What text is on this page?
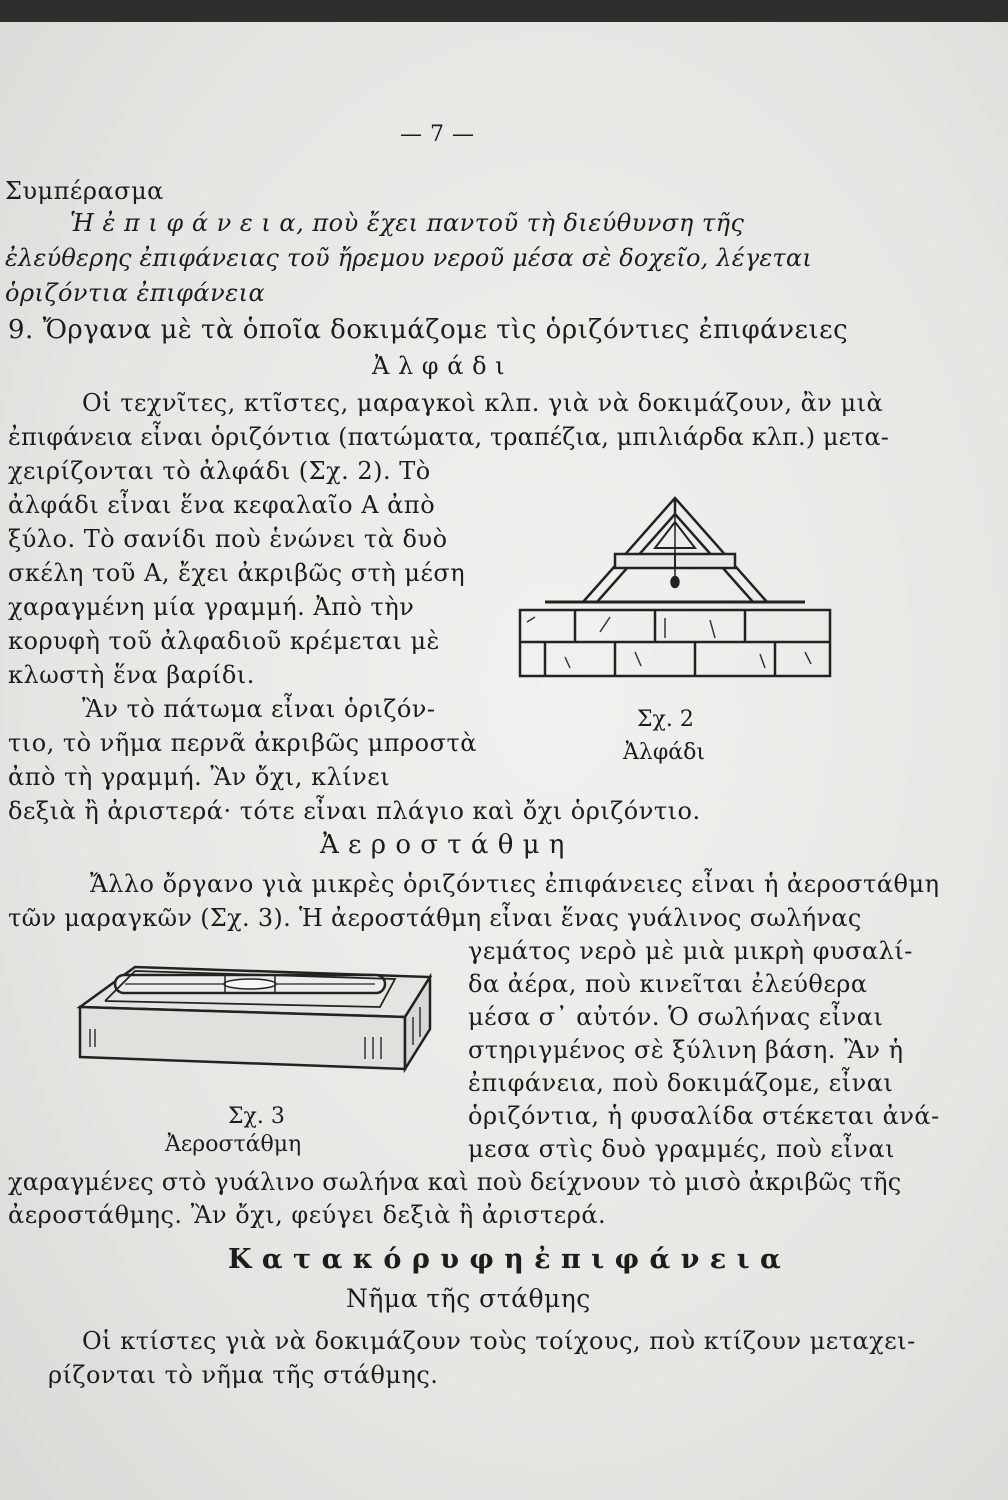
— 7 —
Συμπέρασμα
Ἡ ἐ π ι φ ά ν ε ι α, ποὺ ἔχει παντοῦ τὴ διεύθυνση τῆς
ἐλεύθερης ἐπιφάνειας τοῦ ἤρεμου νεροῦ μέσα σὲ δοχεῖο, λέγεται
ὁριζόντια ἐπιφάνεια
9. Ὄργανα μὲ τὰ ὁποῖα δοκιμάζομε τὶς ὁριζόντιες ἐπιφάνειες
Ἀ λ φ ά δ ι
Οἱ τεχνῖτες, κτῖστες, μαραγκοὶ κλπ. γιὰ νὰ δοκιμάζουν, ἂν μιὰ
ἐπιφάνεια εἶναι ὁριζόντια (πατώματα, τραπέζια, μπιλιάρδα κλπ.) μετα-
χειρίζονται τὸ ἀλφάδι (Σχ. 2). Τὸ
ἀλφάδι εἶναι ἕνα κεφαλαῖο Α ἀπὸ
ξύλο. Τὸ σανίδι ποὺ ἑνώνει τὰ δυὸ
σκέλη τοῦ Α, ἔχει ἀκριβῶς στὴ μέση
χαραγμένη μία γραμμή. Ἀπὸ τὴν
κορυφὴ τοῦ ἀλφαδιοῦ κρέμεται μὲ
κλωστὴ ἕνα βαρίδι.
Ἂν τὸ πάτωμα εἶναι ὁριζόν-
τιο, τὸ νῆμα περνᾶ ἀκριβῶς μπροστὰ
ἀπὸ τὴ γραμμή. Ἂν ὄχι, κλίνει
δεξιὰ ἢ ἀριστερά· τότε εἶναι πλάγιο καὶ ὄχι ὁριζόντιο.
Σχ. 2
Ἀλφάδι
Ἀ ε ρ ο σ τ ά θ μ η
Ἄλλο ὄργανο γιὰ μικρὲς ὁριζόντιες ἐπιφάνειες εἶναι ἡ ἀεροστάθμη
τῶν μαραγκῶν (Σχ. 3). Ἡ ἀεροστάθμη εἶναι ἕνας γυάλινος σωλήνας
γεμάτος νερὸ μὲ μιὰ μικρὴ φυσαλί-
δα ἀέρα, ποὺ κινεῖται ἐλεύθερα
μέσα σ᾽ αὐτόν. Ὁ σωλήνας εἶναι
στηριγμένος σὲ ξύλινη βάση. Ἂν ἡ
ἐπιφάνεια, ποὺ δοκιμάζομε, εἶναι
ὁριζόντια, ἡ φυσαλίδα στέκεται ἀνά-
μεσα στὶς δυὸ γραμμές, ποὺ εἶναι
χαραγμένες στὸ γυάλινο σωλήνα καὶ ποὺ δείχνουν τὸ μισὸ ἀκριβῶς τῆς
ἀεροστάθμης. Ἂν ὄχι, φεύγει δεξιὰ ἢ ἀριστερά.
Σχ. 3
Ἀεροστάθμη
Κ α τ α κ ό ρ υ φ η ἐ π ι φ ά ν ε ι α
Νῆμα τῆς στάθμης
Οἱ κτίστες γιὰ νὰ δοκιμάζουν τοὺς τοίχους, ποὺ κτίζουν μεταχει-
ρίζονται τὸ νῆμα τῆς στάθμης.
